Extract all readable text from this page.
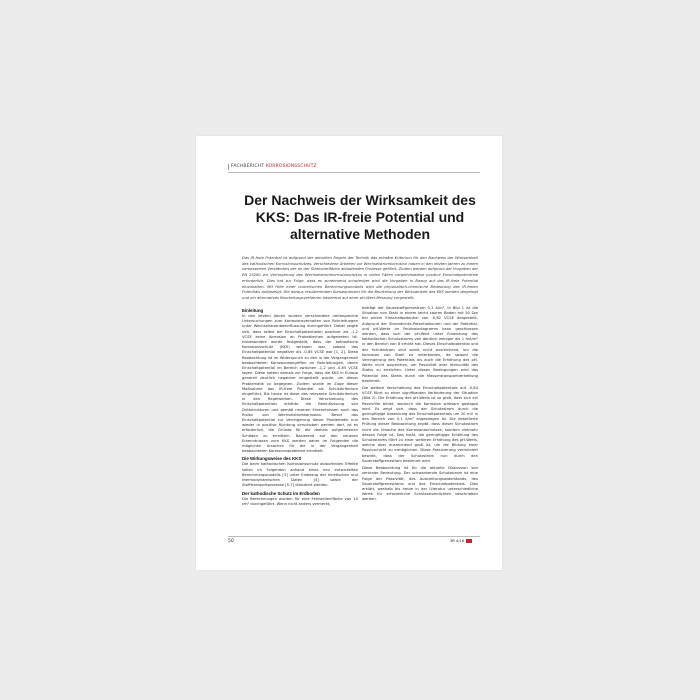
FACHBERICHT KORROSIONSSCHUTZ
Der Nachweis der Wirksamkeit des KKS: Das IR-freie Potential und alternative Methoden

Das IR-freie Potential ist aufgrund der aktuellen Regeln der Technik das primäre Kriterium für den Nachweis der Wirksamkeit des kathodischen Korrosionsschutzes. Verschiedene Arbeiten zur Wechselstromkorrosion haben in den letzten Jahren zu einem verbesserten Verständnis der an der Stahloberfläche ablaufenden Prozesse geführt. Zudem werden aufgrund der Vorgaben der EN 15280 zur Verringerung des Wechselstromkorrosionsrisikos in vielen Fällen vergleichsweise positive Einschaltpotentiale erforderlich. Dies hat zur Folge, dass es zunehmend schwieriger wird die Vorgaben in Bezug auf das IR-freie Potential einzuhalten. Mit Hilfe einer numerischen Berechnungsmodells wird die physikalisch-chemische Bedeutung des IR-freien Potentials aufgezeigt. Die daraus resultierenden Konsequenzen für die Beurteilung der Wirksamkeit des KKS werden dargelegt und ein alternatives Beurteilungsverfahren basierend auf einer pH-Wert-Messung vorgestellt.

Einleitung

In den letzten Jahren wurden verschiedene umfangreiche Untersuchungen zum Korrosionsverhalten von Rohrleitungen unter Wechselstrombeeinflussung durchgeführt. Dabei zeigte sich, dass selbst bei Einschaltpotentialen positiver als -1,2 VCSE keine Korrosion an Probeblechen aufgetreten ist. Insbesondere wurde festgestellt, dass der kathodische Korrosionsschutz (KKS) wirksam war, sobald das Einschaltpotential negativer als -0,85 VCSE war [1, 2]. Diese Beobachtung ist im Widerspruch zu den in der Vergangenheit beobachteten Korrosionsangriffen an Rohrleitungen, deren Einschaltpotential im Bereich zwischen -1,2 und -0,85 VCSE lagen. Diese hatten damals zur Folge, dass die KKS in Europa generell deutlich negativer eingestellt wurde, um dieser Problematik zu begegnen. Zudem wurde im Zuge dieser Maßnahme das IR-freie Potential als Schutzkriterium eingeführt. Bis heute ist diese das relevante Schutzkriterium in den Regelwerken. Diese Verschiebung des Einschaltpotentials erhöhte die Beeinflussung von Drittstrukturen und gemäß neueren Erkenntnissen auch das Risiko von Wechselstromkorrosion. Bevor das Einschaltpotential zur Verringerung dieser Problematik nun wieder in positive Richtung verschoben werden darf, ist es erforderlich, die Gründe für die damals aufgetretenen Schäden zu ermitteln. Basierend auf den neueren Erkenntnissen zum KKS werden daher im Folgenden die möglichen Ursachen für die in der Vergangenheit beobachteten Korrosionsprobleme ermittelt.

Die Wirkungsweise des KKS

Die beim kathodischen Korrosionsschutz ablaufenden Effekte sollen im Folgenden anhand eines neu entwickelten Berechnungsmodells [3] unter Einbezug der kinetischen und thermodynamischen Daten [4] sowie der Stofftransportprozesse [5-7] diskutiert werden.

Der kathodische Schutz im Erdboden

Die Berechnungen wurden für eine Fehlstellenfläche von 10 cm² durchgeführt. Wenn nicht anders vermerkt,

beträgt der Sauerstoffgrenzstrom 0,1 A/m². In Bild 1 ist die Situation von Stahl in einem leicht sauren Boden mit 50 Ωm bei einem Einschaltpotential von -0,82 VCSE dargestellt. Aufgrund der Stromdichte-Potentialkurven und der Potential- und pH-Werte im Pourbaixdiagramm kann geschlossen werden, dass sich der pH-Wert unter Einwirkung des kathodischen Schutzstroms von deutlich weniger als 1 mA/m² in den Bereich von 8 erhöht hat. Dieses Einschaltpotential und der Schutzstrom sind somit nicht ausreichend, um die Korrosion von Stahl zu unterbinden, da sowohl die Verringerung des Potentials als auch die Erhöhung des pH-Werts nicht ausreichen, um Passivität oder Immunität des Stahls zu erreichen. Unter diesen Bedingungen wird das Potential des Stahls durch die Massentransportverkettung bestimmt.

Die weitere Verschiebung des Einschaltpotentials auf -0,84 VCSE führt zu einer signifikanten Veränderung der Situation (Bild 2). Die Erhöhung des pH-Werts ist so groß, dass sich ein Passivfilm bildet, wodurch die Korrosion wirksam gestoppt wird. Es zeigt sich, dass der Schutzstrom durch die geringfügige Absenkung des Einschaltpotentials um 20 mV in den Bereich von 0,1 A/m² angestiegen ist. Die detaillierte Prüfung dieser Beobachtung ergibt, dass dieser Schutzstrom nicht die Ursache des Korrosionsschutzes, sondern vielmehr dessen Folge ist. Das heißt, die geringfügige Erhöhung des Schutzstroms führt zu einer weiteren Erhöhung des pH-Werts, welche aber ausreichend groß ist, um die Bildung einer Passivschicht zu ermöglichen. Diese Passivierung vermindert bewirkt, dass der Schutzstrom nun durch den Sauerstoffgrenzstrom bestimmt wird.

Diese Beobachtung ist für die aktuelle Diskussion von zentraler Bedeutung. Der schwankende Schutzstrom ist eine Folge der Passivität, des Ausbreitungswiderstands, des Sauerstoffgrenzstroms und des Einschaltpotentials. Dies erklärt, weshalb bis heute in der Literatur unterschiedliche Werte für erforderliche Schutzstromdichten beschrieben werden.

50	3R 4/16
